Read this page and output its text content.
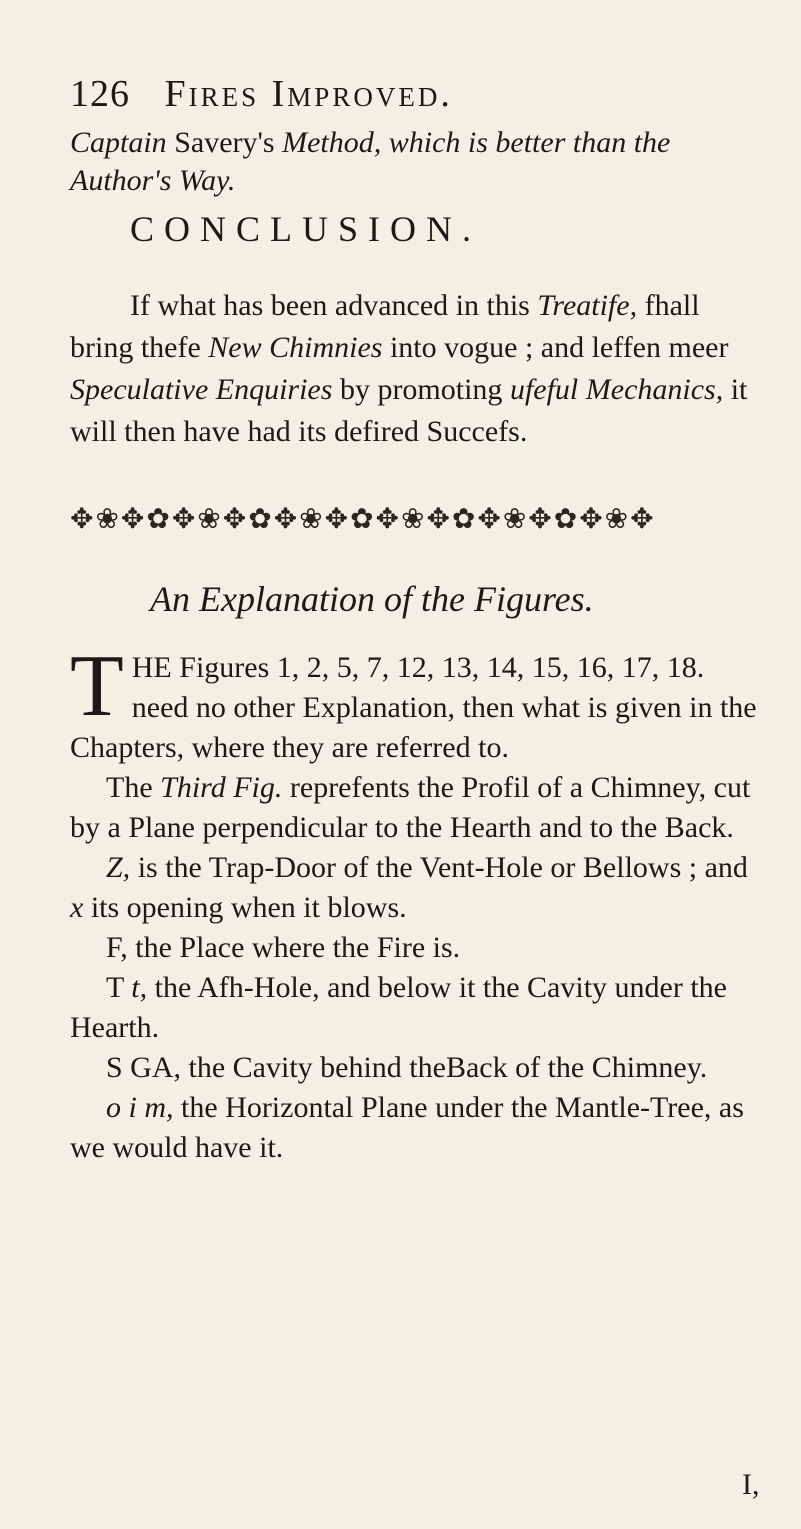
126 Fires Improved.
Captain Savery's Method, which is better than the Author's Way.
CONCLUSION.
If what has been advanced in this Treatife, fhall bring thefe New Chimnies into vogue ; and leffen meer Speculative Enquiries by promoting ufeful Mechanics, it will then have had its defired Succefs.
✥❀✥✿✥❀✥✿✥❀✥✿✥❀✥✿✥❀✥✿✥❀✥
An Explanation of the Figures.

THE Figures 1, 2, 5, 7, 12, 13, 14, 15, 16, 17, 18. need no other Explanation, then what is given in the Chapters, where they are referred to.

The Third Fig. reprefents the Profil of a Chimney, cut by a Plane perpendicular to the Hearth and to the Back.

Z, is the Trap-Door of the Vent-Hole or Bellows ; and x its opening when it blows.

F, the Place where the Fire is.

T t, the Afh-Hole, and below it the Cavity under the Hearth.

S GA, the Cavity behind theBack of the Chimney.

o i m, the Horizontal Plane under the Mantle-Tree, as we would have it.

I,
